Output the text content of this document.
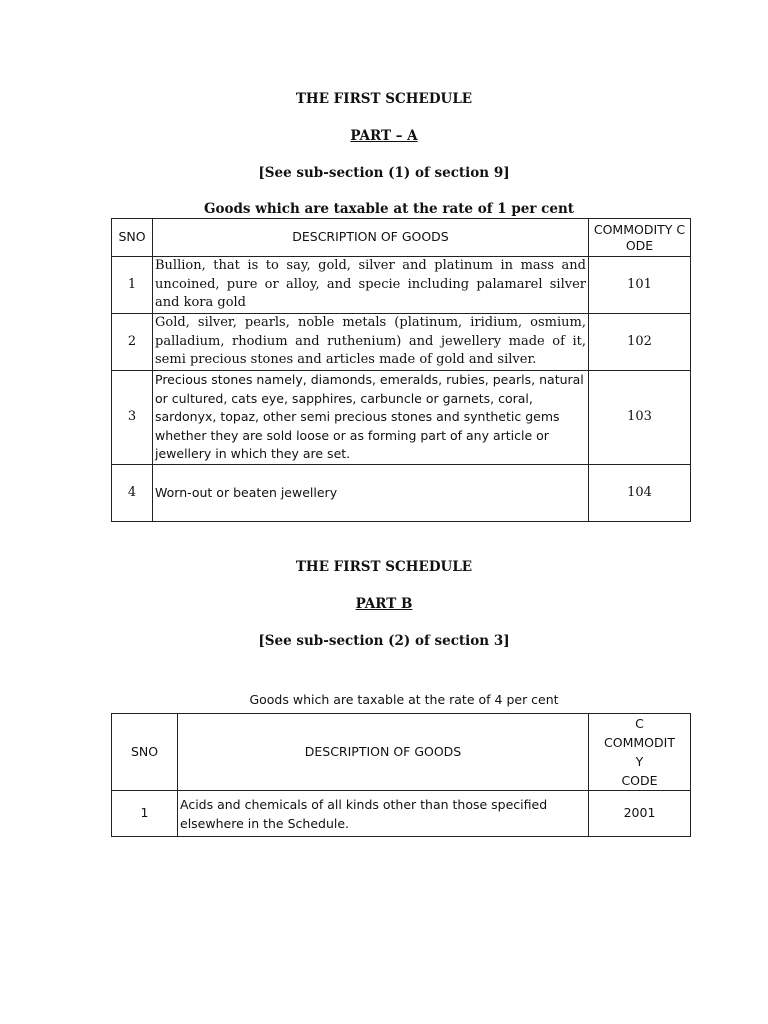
THE FIRST SCHEDULE
PART – A
[See sub-section (1) of section 9]
Goods which are taxable at the rate of 1 per cent
SNO	DESCRIPTION OF GOODS	COMMODITY CODE
1	Bullion, that is to say, gold, silver and platinum in mass and uncoined, pure or alloy, and specie including palamarel silver and kora gold	101
2	Gold, silver, pearls, noble metals (platinum, iridium, osmium, palladium, rhodium and ruthenium) and jewellery made of it, semi precious stones and articles made of gold and silver.	102
3	Precious stones namely, diamonds, emeralds, rubies, pearls, natural or cultured, cats eye, sapphires, carbuncle or garnets, coral, sardonyx, topaz, other semi precious stones and synthetic gems whether they are sold loose or as forming part of any article or jewellery in which they are set.	103
4	Worn-out or beaten jewellery	104
THE FIRST SCHEDULE
PART B
[See sub-section (2) of section 3]
Goods which are taxable at the rate of 4 per cent
SNO	DESCRIPTION OF GOODS	C
COMMODIT
Y
CODE

1	Acids and chemicals of all kinds other than those specified elsewhere in the Schedule.	2001
